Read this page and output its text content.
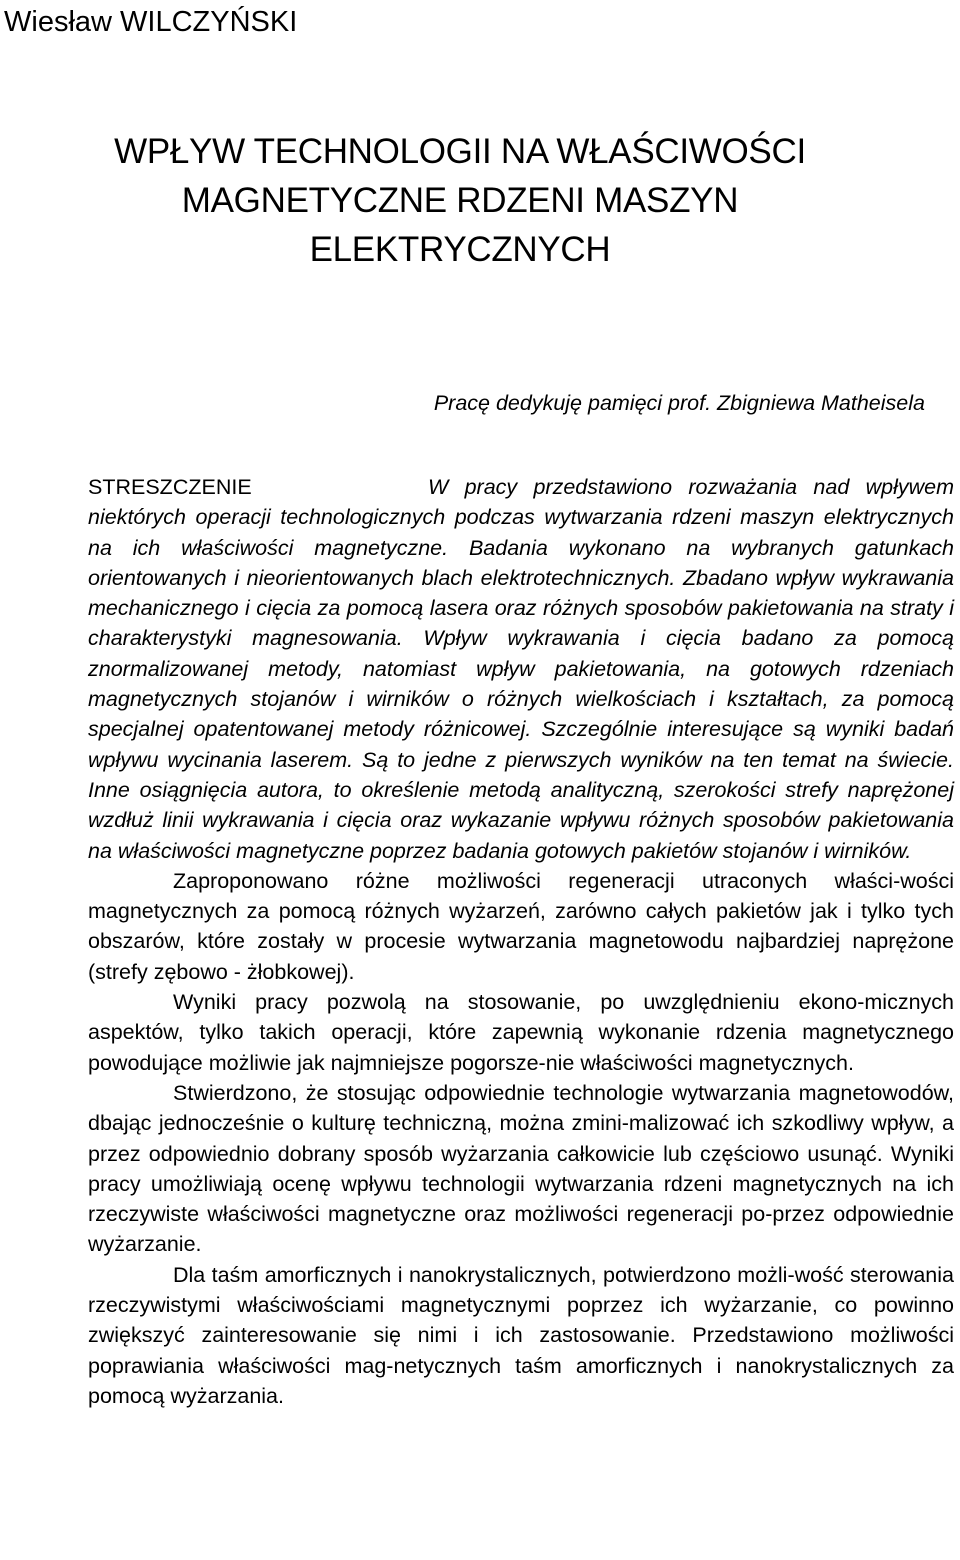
Wiesław WILCZYŃSKI
WPŁYW TECHNOLOGII NA WŁAŚCIWOŚCI
MAGNETYCZNE RDZENI MASZYN
ELEKTRYCZNYCH
Pracę dedykuję pamięci prof. Zbigniewa Matheisela

STRESZCZENIE	W pracy przedstawiono rozważania nad wpływem niektórych operacji technologicznych podczas wytwarzania rdzeni maszyn elektrycznych na ich właściwości magnetyczne. Badania wykonano na wybranych gatunkach orientowanych i nieorientowanych blach elektrotechnicznych. Zbadano wpływ wykrawania mechanicznego i cięcia za pomocą lasera oraz różnych sposobów pakietowania na straty i charakterystyki magnesowania. Wpływ wykrawania i cięcia badano za pomocą znormalizowanej metody, natomiast wpływ pakietowania, na gotowych rdzeniach magnetycznych stojanów i wirników o różnych wielkościach i kształtach, za pomocą specjalnej opatentowanej metody różnicowej. Szczególnie interesujące są wyniki badań wpływu wycinania laserem. Są to jedne z pierwszych wyników na ten temat na świecie. Inne osiągnięcia autora, to określenie metodą analityczną, szerokości strefy naprężonej wzdłuż linii wykrawania i cięcia oraz wykazanie wpływu różnych sposobów pakietowania na właściwości magnetyczne poprzez badania gotowych pakietów stojanów i wirników.

Zaproponowano różne możliwości regeneracji utraconych właści-wości magnetycznych za pomocą różnych wyżarzeń, zarówno całych pakietów jak i tylko tych obszarów, które zostały w procesie wytwarzania magnetowodu najbardziej naprężone (strefy zębowo - żłobkowej).

Wyniki pracy pozwolą na stosowanie, po uwzględnieniu ekono-micznych aspektów, tylko takich operacji, które zapewnią wykonanie rdzenia magnetycznego powodujące możliwie jak najmniejsze pogorsze-nie właściwości magnetycznych.

Stwierdzono, że stosując odpowiednie technologie wytwarzania magnetowodów, dbając jednocześnie o kulturę techniczną, można zmini-malizować ich szkodliwy wpływ, a przez odpowiednio dobrany sposób wyżarzania całkowicie lub częściowo usunąć. Wyniki pracy umożliwiają ocenę wpływu technologii wytwarzania rdzeni magnetycznych na ich rzeczywiste właściwości magnetyczne oraz możliwości regeneracji po-przez odpowiednie wyżarzanie.

Dla taśm amorficznych i nanokrystalicznych, potwierdzono możli-wość sterowania rzeczywistymi właściwościami magnetycznymi poprzez ich wyżarzanie, co powinno zwiększyć zainteresowanie się nimi i ich zastosowanie. Przedstawiono możliwości poprawiania właściwości mag-netycznych taśm amorficznych i nanokrystalicznych za pomocą wyżarzania.
